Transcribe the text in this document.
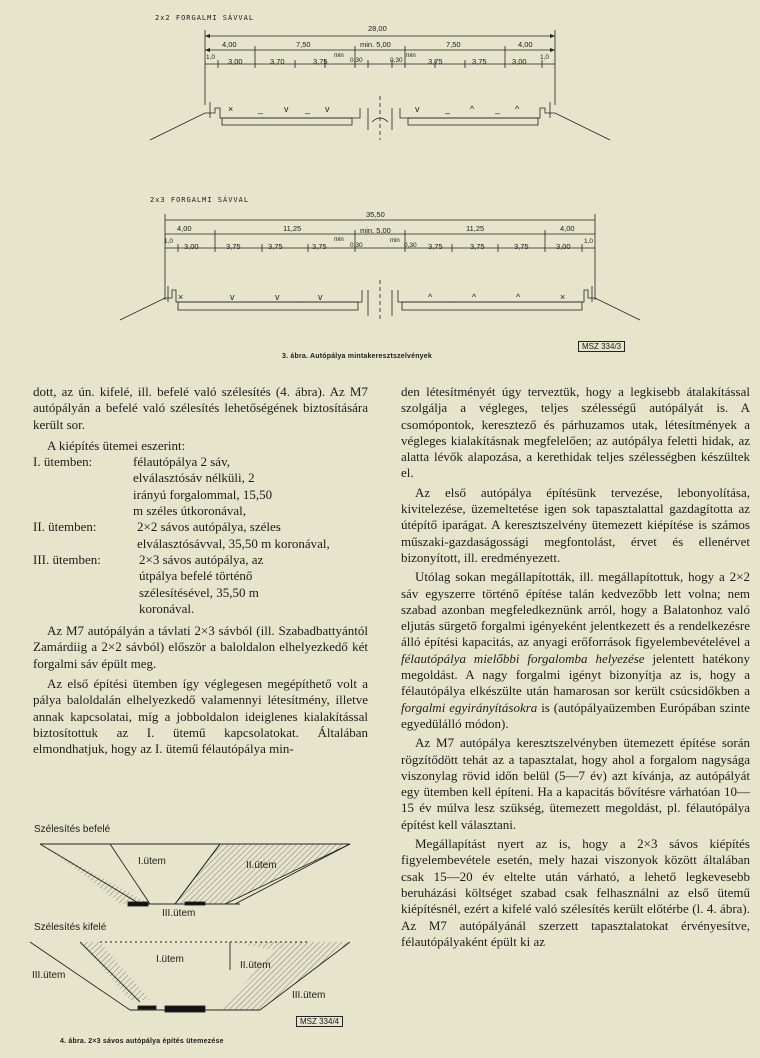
2x2 FORGALMI SÁVVAL
×	_ v _ v	v	_ ^ _ ^
28,00
4,00	7,50	min. 5,00	7,50	4,00
1,0 3,00	3,70	3,75
min
0,30	0,30
min
3,75	3,75	3,00 1,0
2x3 FORGALMI SÁVVAL
× _ v _ v _ v	^ _ ^ _ ^	×
35,50
4,00	11,25	min. 5,00	11,25	4,00
1,0
3,00	3,75	3,75	3,75
min
0,30
min
0,30 3,75	3,75	3,75	3,00
1,0
MSZ 334/3
3. ábra. Autópálya mintakeresztszelvények

dott, az ún. kifelé, ill. befelé való szélesítés (4. ábra). Az M7 autópályán a befelé való szélesítés lehetőségének biztosítására került sor.

A kiépítés ütemei eszerint:

I. ütemben:	félautópálya 2 sáv, elválasztósáv nélküli, 2 irányú forgalommal, 15,50 m széles útkoronával,
II. ütemben:	2×2 sávos autópálya, széles elválasztósávval, 35,50 m koronával,
III. ütemben:	2×3 sávos autópálya, az útpálya befelé történő szélesítésével, 35,50 m koronával.

Az M7 autópályán a távlati 2×3 sávból (ill. Szabadbattyántól Zamárdiig a 2×2 sávból) először a baloldalon elhelyezkedő két forgalmi sáv épült meg.

Az első építési ütemben így véglegesen megépíthető volt a pálya baloldalán elhelyezkedő valamennyi létesítmény, illetve annak kapcsolatai, míg a jobboldalon ideiglenes kialakítással biztosítottuk az I. ütemű kapcsolatokat. Általában elmondhatjuk, hogy az I. ütemű félautópálya min-

Szélesítés befelé
I.ütem	II.ütem
III.ütem
Szélesítés kifelé
I.ütem
II.ütem
III.ütem
III.ütem
MSZ 334/4
4. ábra. 2×3 sávos autópálya építés ütemezése

den létesítményét úgy terveztük, hogy a legkisebb átalakítással szolgálja a végleges, teljes szélességű autópályát is. A csomópontok, keresztező és párhuzamos utak, létesítmények a végleges kialakításnak megfelelően; az autópálya feletti hidak, az alatta lévők alapozása, a kerethidak teljes szélességben készültek el.

Az első autópálya építésünk tervezése, lebonyolítása, kivitelezése, üzemeltetése igen sok tapasztalattal gazdagította az útépítő iparágat. A keresztszelvény ütemezett kiépítése is számos műszaki-gazdaságossági megfontolást, érvet és ellenérvet bizonyított, ill. eredményezett.

Utólag sokan megállapították, ill. megállapítottuk, hogy a 2×2 sáv egyszerre történő építése talán kedvezőbb lett volna; nem szabad azonban megfeledkeznünk arról, hogy a Balatonhoz való eljutás sürgető forgalmi igényeként jelentkezett és a rendelkezésre álló építési kapacitás, az anyagi erőforrások figyelembevételével a félautópálya mielőbbi forgalomba helyezése jelentett hatékony megoldást. A nagy forgalmi igényt bizonyítja az is, hogy a félautópálya elkészülte után hamarosan sor került csúcsidőkben a forgalmi egyirányításokra is (autópályaüzemben Európában szinte egyedülálló módon).

Az M7 autópálya keresztszelvényben ütemezett építése során rögzítődött tehát az a tapasztalat, hogy ahol a forgalom nagysága viszonylag rövid időn belül (5—7 év) azt kívánja, az autópályát egy ütemben kell építeni. Ha a kapacitás bővítésre várhatóan 10—15 év múlva lesz szükség, ütemezett megoldást, pl. félautópálya építést kell választani.

Megállapítást nyert az is, hogy a 2×3 sávos kiépítés figyelembevétele esetén, mely hazai viszonyok között általában csak 15—20 év eltelte után várható, a lehető legkevesebb beruházási költséget szabad csak felhasználni az első ütemű kiépítésnél, ezért a kifelé való szélesítés került előtérbe (l. 4. ábra). Az M7 autópályánál szerzett tapasztalatokat érvényesítve, félautópályaként épült ki az
